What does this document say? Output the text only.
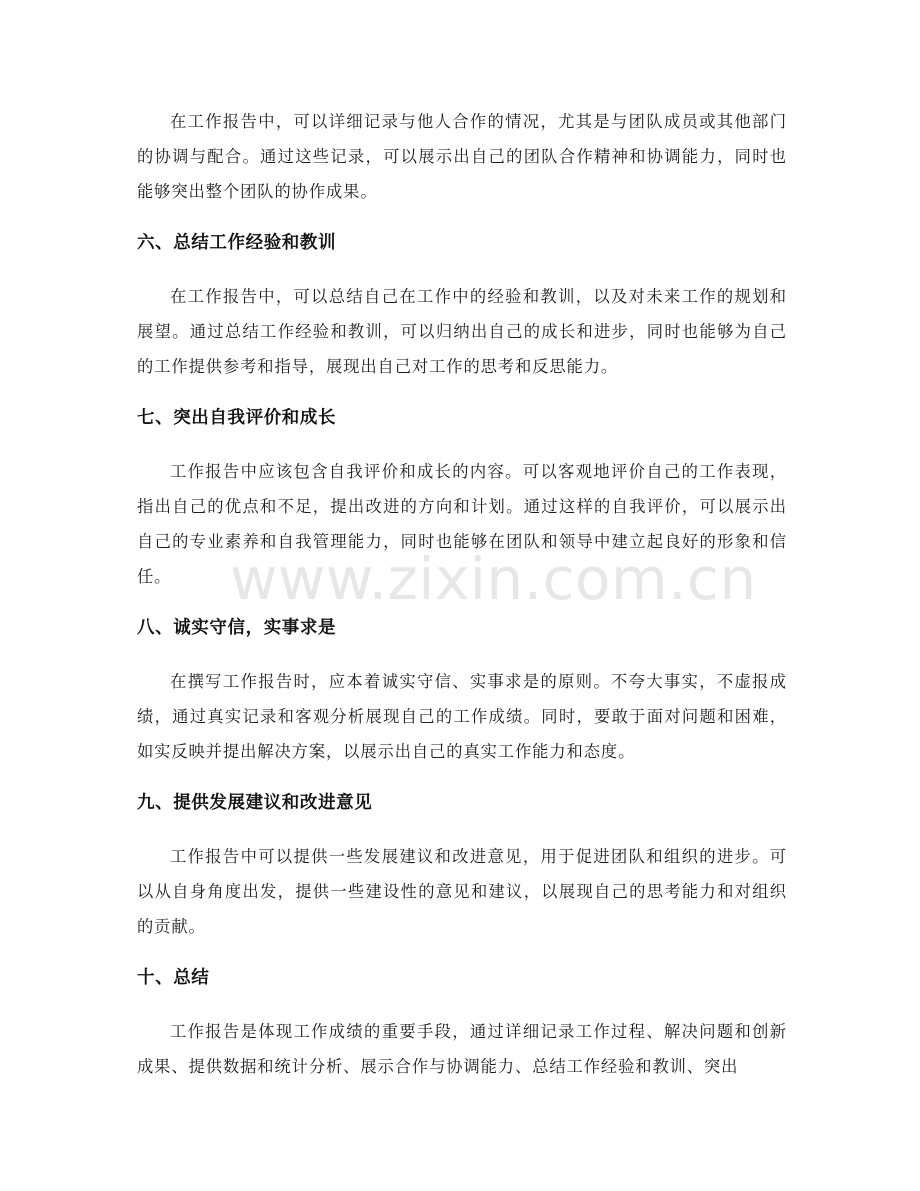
在工作报告中，可以详细记录与他人合作的情况，尤其是与团队成员或其他部门的协调与配合。通过这些记录，可以展示出自己的团队合作精神和协调能力，同时也能够突出整个团队的协作成果。

六、总结工作经验和教训

在工作报告中，可以总结自己在工作中的经验和教训，以及对未来工作的规划和展望。通过总结工作经验和教训，可以归纳出自己的成长和进步，同时也能够为自己的工作提供参考和指导，展现出自己对工作的思考和反思能力。

七、突出自我评价和成长

工作报告中应该包含自我评价和成长的内容。可以客观地评价自己的工作表现，指出自己的优点和不足，提出改进的方向和计划。通过这样的自我评价，可以展示出自己的专业素养和自我管理能力，同时也能够在团队和领导中建立起良好的形象和信任。

八、诚实守信，实事求是

在撰写工作报告时，应本着诚实守信、实事求是的原则。不夸大事实，不虚报成绩，通过真实记录和客观分析展现自己的工作成绩。同时，要敢于面对问题和困难，如实反映并提出解决方案，以展示出自己的真实工作能力和态度。

九、提供发展建议和改进意见

工作报告中可以提供一些发展建议和改进意见，用于促进团队和组织的进步。可以从自身角度出发，提供一些建设性的意见和建议，以展现自己的思考能力和对组织的贡献。

十、总结

工作报告是体现工作成绩的重要手段，通过详细记录工作过程、解决问题和创新成果、提供数据和统计分析、展示合作与协调能力、总结工作经验和教训、突出

www.zixin.com.cn
